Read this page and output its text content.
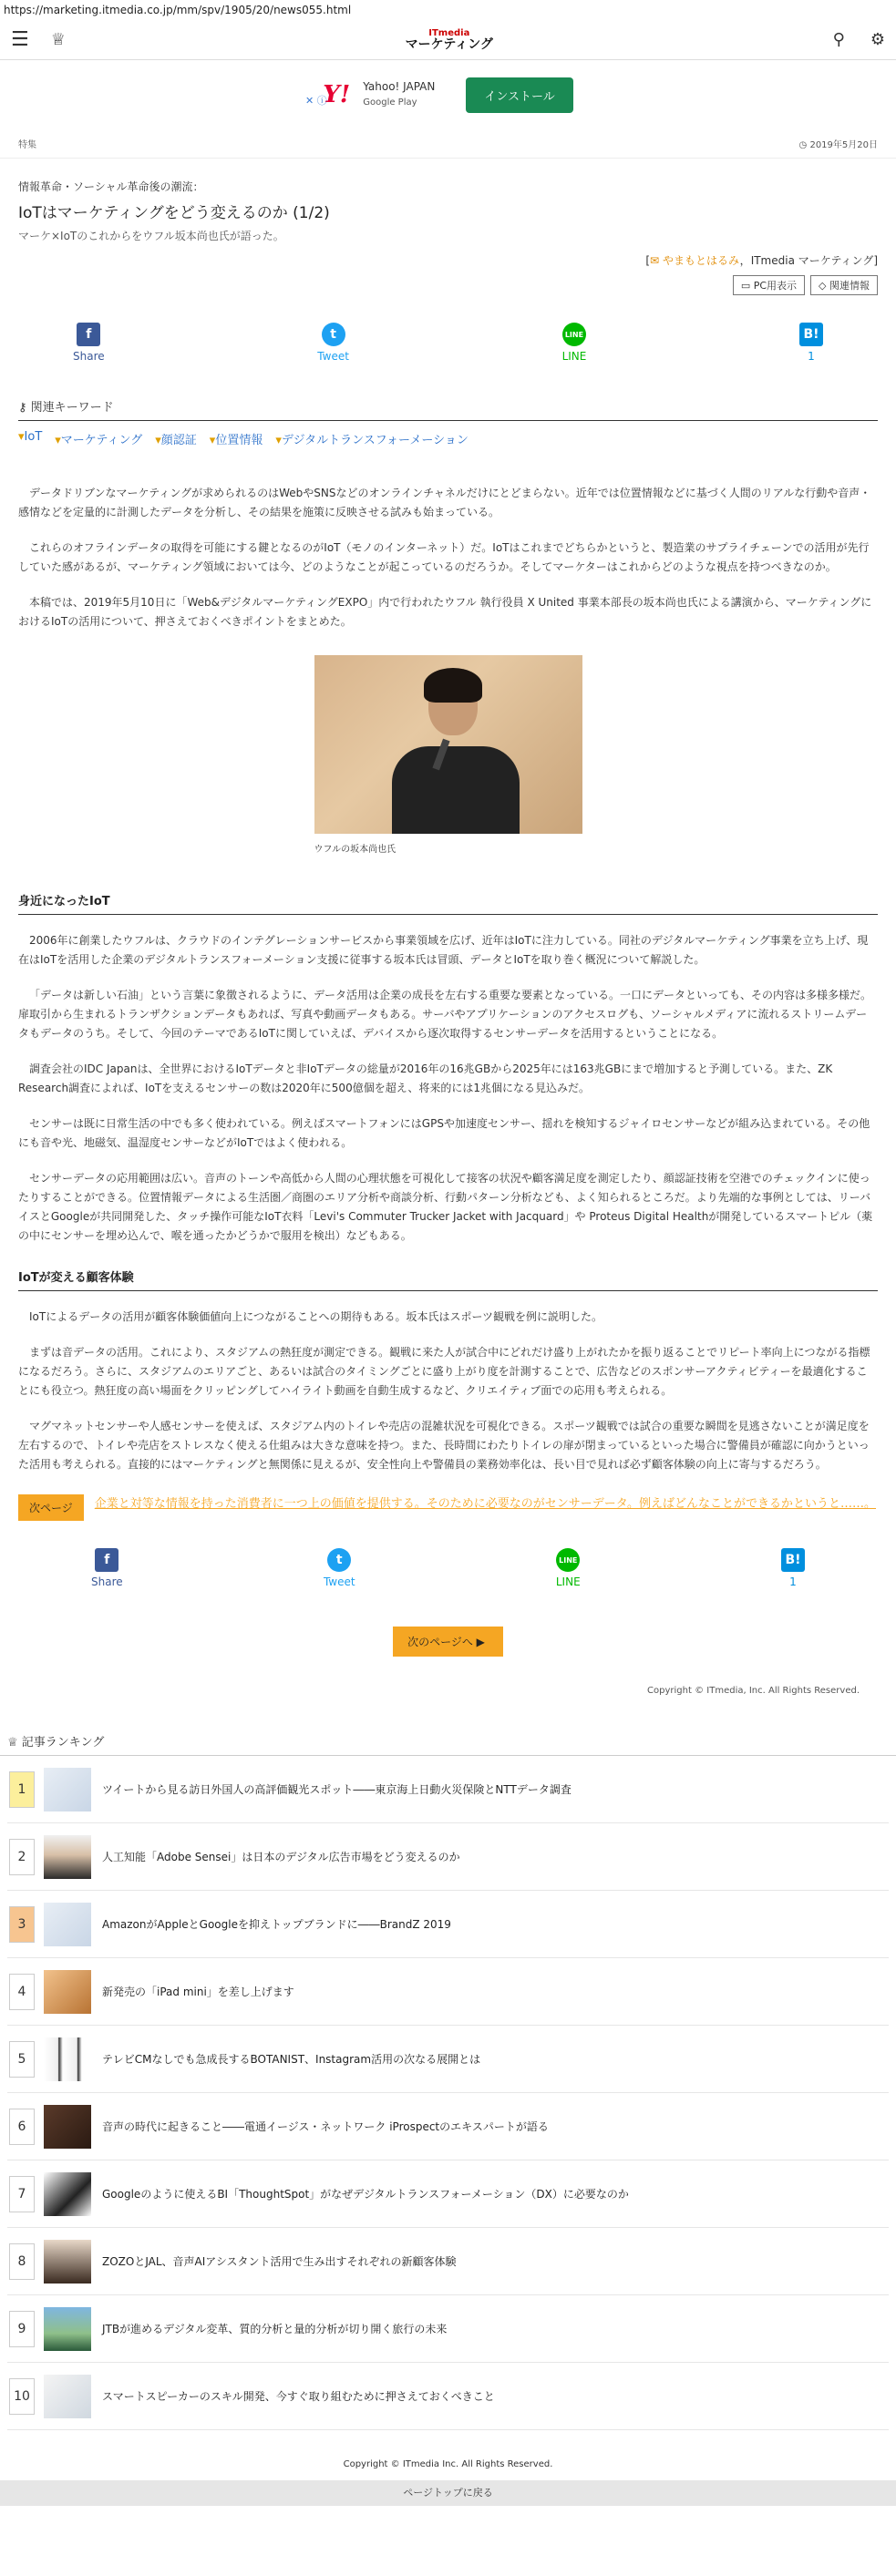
https://marketing.itmedia.co.jp/mm/spv/1905/20/news055.html
☰ ♕	ITmedia
マーケティング	⚲ ⚙
✕ ⓘ
Y! Yahoo! JAPAN
Google Play	インストール
特集	◷ 2019年5月20日
情報革命・ソーシャル革命後の潮流：
IoTはマーケティングをどう変えるのか (1/2)
マーケ×IoTのこれからをウフル坂本尚也氏が語った。
[✉ やまもとはるみ，ITmedia マーケティング]
▭ PC用表示	◇ 関連情報
f
Share
t
Tweet
LINE
LINE
B!
1
⚷ 関連キーワード
▾IoT ▾マーケティング ▾顔認証 ▾位置情報 ▾デジタルトランスフォーメーション

データドリブンなマーケティングが求められるのはWebやSNSなどのオンラインチャネルだけにとどまらない。近年では位置情報などに基づく人間のリアルな行動や音声・感情などを定量的に計測したデータを分析し、その結果を施策に反映させる試みも始まっている。

これらのオフラインデータの取得を可能にする鍵となるのがIoT（モノのインターネット）だ。IoTはこれまでどちらかというと、製造業のサプライチェーンでの活用が先行していた感があるが、マーケティング領域においては今、どのようなことが起こっているのだろうか。そしてマーケターはこれからどのような視点を持つべきなのか。

本稿では、2019年5月10日に「Web&デジタルマーケティングEXPO」内で行われたウフル 執行役員 X United 事業本部長の坂本尚也氏による講演から、マーケティングにおけるIoTの活用について、押さえておくべきポイントをまとめた。

ウフルの坂本尚也氏
身近になったIoT

2006年に創業したウフルは、クラウドのインテグレーションサービスから事業領域を広げ、近年はIoTに注力している。同社のデジタルマーケティング事業を立ち上げ、現在はIoTを活用した企業のデジタルトランスフォーメーション支援に従事する坂本氏は冒頭、データとIoTを取り巻く概況について解説した。

「データは新しい石油」という言葉に象徴されるように、データ活用は企業の成長を左右する重要な要素となっている。一口にデータといっても、その内容は多様多様だ。扉取引から生まれるトランザクションデータもあれば、写真や動画データもある。サーバやアプリケーションのアクセスログも、ソーシャルメディアに流れるストリームデータもデータのうち。そして、今回のテーマであるIoTに関していえば、デバイスから逐次取得するセンサーデータを活用するということになる。

調査会社のIDC Japanは、全世界におけるIoTデータと非IoTデータの総量が2016年の16兆GBから2025年には163兆GBにまで増加すると予測している。また、ZK Research調査によれば、IoTを支えるセンサーの数は2020年に500億個を超え、将来的には1兆個になる見込みだ。

センサーは既に日常生活の中でも多く使われている。例えばスマートフォンにはGPSや加速度センサー、揺れを検知するジャイロセンサーなどが組み込まれている。その他にも音や光、地磁気、温湿度センサーなどがIoTではよく使われる。

センサーデータの応用範囲は広い。音声のトーンや高低から人間の心理状態を可視化して接客の状況や顧客満足度を測定したり、顔認証技術を空港でのチェックインに使ったりすることができる。位置情報データによる生活圏／商圏のエリア分析や商談分析、行動パターン分析なども、よく知られるところだ。より先端的な事例としては、リーバイスとGoogleが共同開発した、タッチ操作可能なIoT衣料「Levi's Commuter Trucker Jacket with Jacquard」や Proteus Digital Healthが開発しているスマートピル（薬の中にセンサーを埋め込んで、喉を通ったかどうかで服用を検出）などもある。

IoTが変える顧客体験

IoTによるデータの活用が顧客体験価値向上につながることへの期待もある。坂本氏はスポーツ観戦を例に説明した。

まずは音データの活用。これにより、スタジアムの熱狂度が測定できる。観戦に来た人が試合中にどれだけ盛り上がれたかを振り返ることでリピート率向上につながる指標になるだろう。さらに、スタジアムのエリアごと、あるいは試合のタイミングごとに盛り上がり度を計測することで、広告などのスポンサーアクティビティーを最適化することにも役立つ。熱狂度の高い場面をクリッピングしてハイライト動画を自動生成するなど、クリエイティブ面での応用も考えられる。

マグマネットセンサーや人感センサーを使えば、スタジアム内のトイレや売店の混雑状況を可視化できる。スポーツ観戦では試合の重要な瞬間を見逃さないことが満足度を左右するので、トイレや売店をストレスなく使える仕組みは大きな意味を持つ。また、長時間にわたりトイレの扉が閉まっているといった場合に警備員が確認に向かうといった活用も考えられる。直接的にはマーケティングと無関係に見えるが、安全性向上や警備員の業務効率化は、長い目で見れば必ず顧客体験の向上に寄与するだろう。

次ページ	企業と対等な情報を持った消費者に一つ上の価値を提供する。そのために必要なのがセンサーデータ。例えばどんなことができるかというと……。
f
Share
t
Tweet
LINE
LINE
B!
1
次のページへ ▶
Copyright © ITmedia, Inc. All Rights Reserved.
♕ 記事ランキング
1	ツイートから見る訪日外国人の高評価観光スポット――東京海上日動火災保険とNTTデータ調査
2	人工知能「Adobe Sensei」は日本のデジタル広告市場をどう変えるのか
3	AmazonがAppleとGoogleを抑えトップブランドに――BrandZ 2019
4	新発売の「iPad mini」を差し上げます
5	テレビCMなしでも急成長するBOTANIST、Instagram活用の次なる展開とは
6	音声の時代に起きること――電通イージス・ネットワーク iProspectのエキスパートが語る
7	Googleのように使えるBI「ThoughtSpot」がなぜデジタルトランスフォーメーション（DX）に必要なのか
8	ZOZOとJAL、音声AIアシスタント活用で生み出すそれぞれの新顧客体験
9	JTBが進めるデジタル変革、質的分析と量的分析が切り開く旅行の未来
10	スマートスピーカーのスキル開発、今すぐ取り組むために押さえておくべきこと
Copyright © ITmedia Inc. All Rights Reserved.
ページトップに戻る
